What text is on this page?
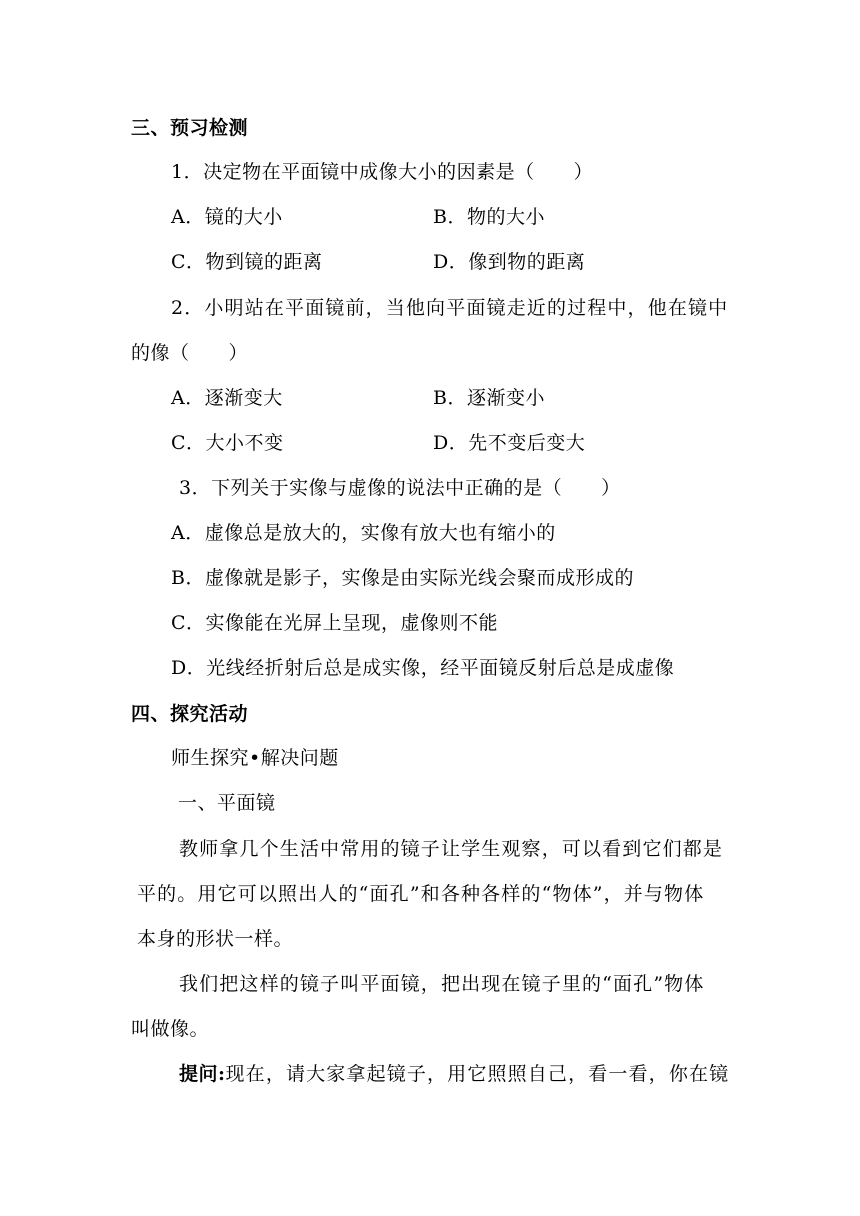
三、预习检测
1．决定物在平面镜中成像大小的因素是（　　）
A．镜的大小	B．物的大小
C．物到镜的距离	D．像到物的距离
2．小明站在平面镜前，当他向平面镜走近的过程中，他在镜中
的像（　　）
A．逐渐变大	B．逐渐变小
C．大小不变	D．先不变后变大
3．下列关于实像与虚像的说法中正确的是（　　）
A．虚像总是放大的，实像有放大也有缩小的
B．虚像就是影子，实像是由实际光线会聚而成形成的
C．实像能在光屏上呈现，虚像则不能
D．光线经折射后总是成实像，经平面镜反射后总是成虚像
四、探究活动
师生探究•解决问题
一、平面镜
教师拿几个生活中常用的镜子让学生观察，可以看到它们都是
平的。用它可以照出人的“面孔”和各种各样的“物体”，并与物体
本身的形状一样。
我们把这样的镜子叫平面镜，把出现在镜子里的“面孔”物体
叫做像。
提问:现在，请大家拿起镜子，用它照照自己，看一看，你在镜
